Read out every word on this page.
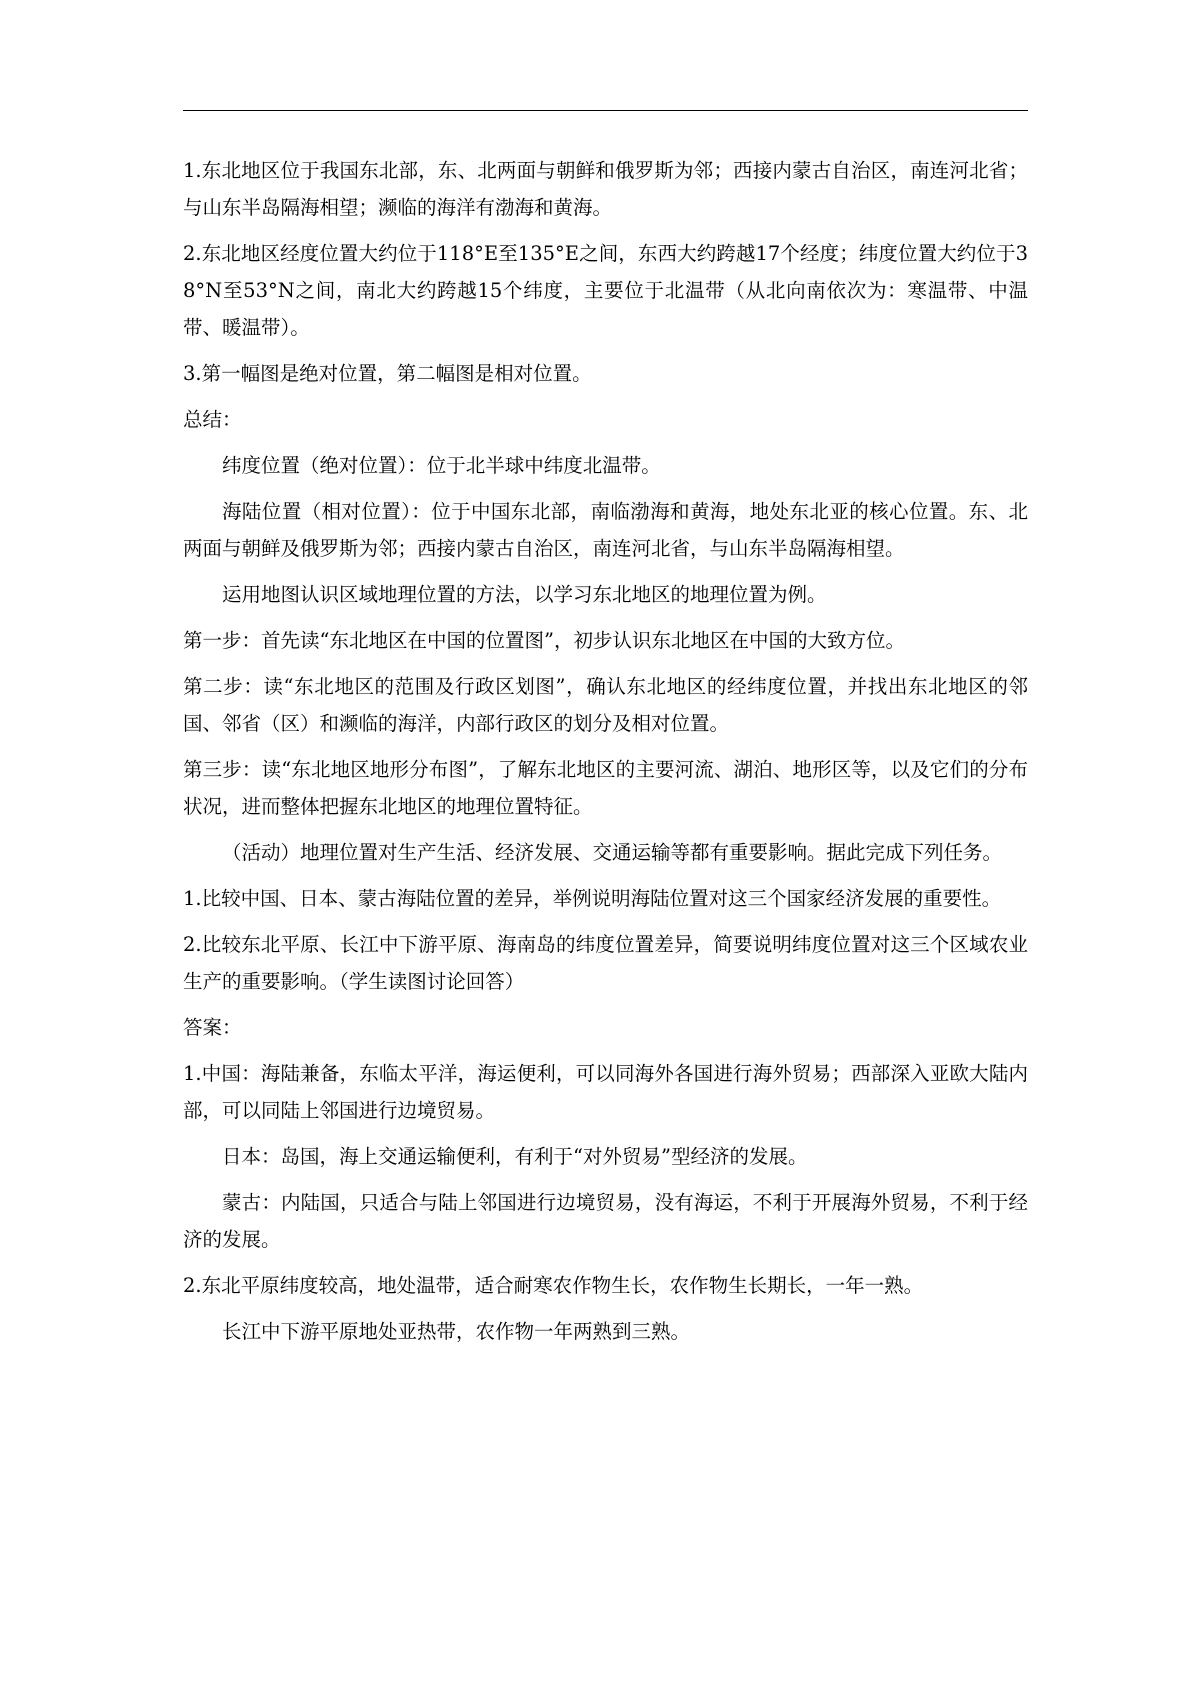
1.东北地区位于我国东北部，东、北两面与朝鲜和俄罗斯为邻；西接内蒙古自治区，南连河北省；与山东半岛隔海相望；濒临的海洋有渤海和黄海。

2.东北地区经度位置大约位于118°E至135°E之间，东西大约跨越17个经度；纬度位置大约位于38°N至53°N之间，南北大约跨越15个纬度，主要位于北温带（从北向南依次为：寒温带、中温带、暖温带）。

3.第一幅图是绝对位置，第二幅图是相对位置。

总结：

纬度位置（绝对位置）：位于北半球中纬度北温带。

海陆位置（相对位置）：位于中国东北部，南临渤海和黄海，地处东北亚的核心位置。东、北两面与朝鲜及俄罗斯为邻；西接内蒙古自治区，南连河北省，与山东半岛隔海相望。

运用地图认识区域地理位置的方法，以学习东北地区的地理位置为例。

第一步：首先读“东北地区在中国的位置图”，初步认识东北地区在中国的大致方位。

第二步：读“东北地区的范围及行政区划图”，确认东北地区的经纬度位置，并找出东北地区的邻国、邻省（区）和濒临的海洋，内部行政区的划分及相对位置。

第三步：读“东北地区地形分布图”，了解东北地区的主要河流、湖泊、地形区等，以及它们的分布状况，进而整体把握东北地区的地理位置特征。

（活动）地理位置对生产生活、经济发展、交通运输等都有重要影响。据此完成下列任务。

1.比较中国、日本、蒙古海陆位置的差异，举例说明海陆位置对这三个国家经济发展的重要性。

2.比较东北平原、长江中下游平原、海南岛的纬度位置差异，简要说明纬度位置对这三个区域农业生产的重要影响。（学生读图讨论回答）

答案：

1.中国：海陆兼备，东临太平洋，海运便利，可以同海外各国进行海外贸易；西部深入亚欧大陆内部，可以同陆上邻国进行边境贸易。

日本：岛国，海上交通运输便利，有利于“对外贸易”型经济的发展。

蒙古：内陆国，只适合与陆上邻国进行边境贸易，没有海运，不利于开展海外贸易，不利于经济的发展。

2.东北平原纬度较高，地处温带，适合耐寒农作物生长，农作物生长期长，一年一熟。

长江中下游平原地处亚热带，农作物一年两熟到三熟。
